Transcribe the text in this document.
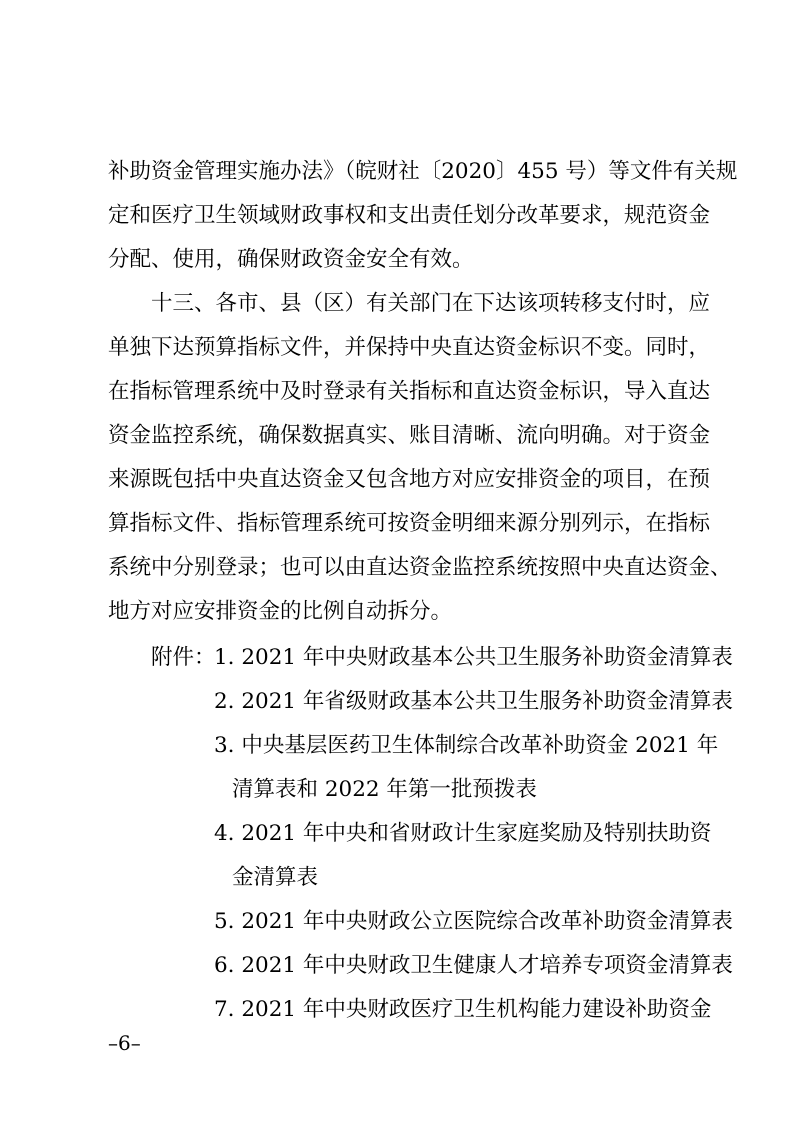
补助资金管理实施办法》（皖财社〔2020〕455 号）等文件有关规
定和医疗卫生领域财政事权和支出责任划分改革要求，规范资金
分配、使用，确保财政资金安全有效。
十三、各市、县（区）有关部门在下达该项转移支付时，应
单独下达预算指标文件，并保持中央直达资金标识不变。同时，
在指标管理系统中及时登录有关指标和直达资金标识，导入直达
资金监控系统，确保数据真实、账目清晰、流向明确。对于资金
来源既包括中央直达资金又包含地方对应安排资金的项目，在预
算指标文件、指标管理系统可按资金明细来源分别列示，在指标
系统中分别登录；也可以由直达资金监控系统按照中央直达资金、
地方对应安排资金的比例自动拆分。
附件：
1. 2021 年中央财政基本公共卫生服务补助资金清算表
2. 2021 年省级财政基本公共卫生服务补助资金清算表
3. 中央基层医药卫生体制综合改革补助资金 2021 年
清算表和 2022 年第一批预拨表
4. 2021 年中央和省财政计生家庭奖励及特别扶助资
金清算表
5. 2021 年中央财政公立医院综合改革补助资金清算表
6. 2021 年中央财政卫生健康人才培养专项资金清算表
7. 2021 年中央财政医疗卫生机构能力建设补助资金
–6–
